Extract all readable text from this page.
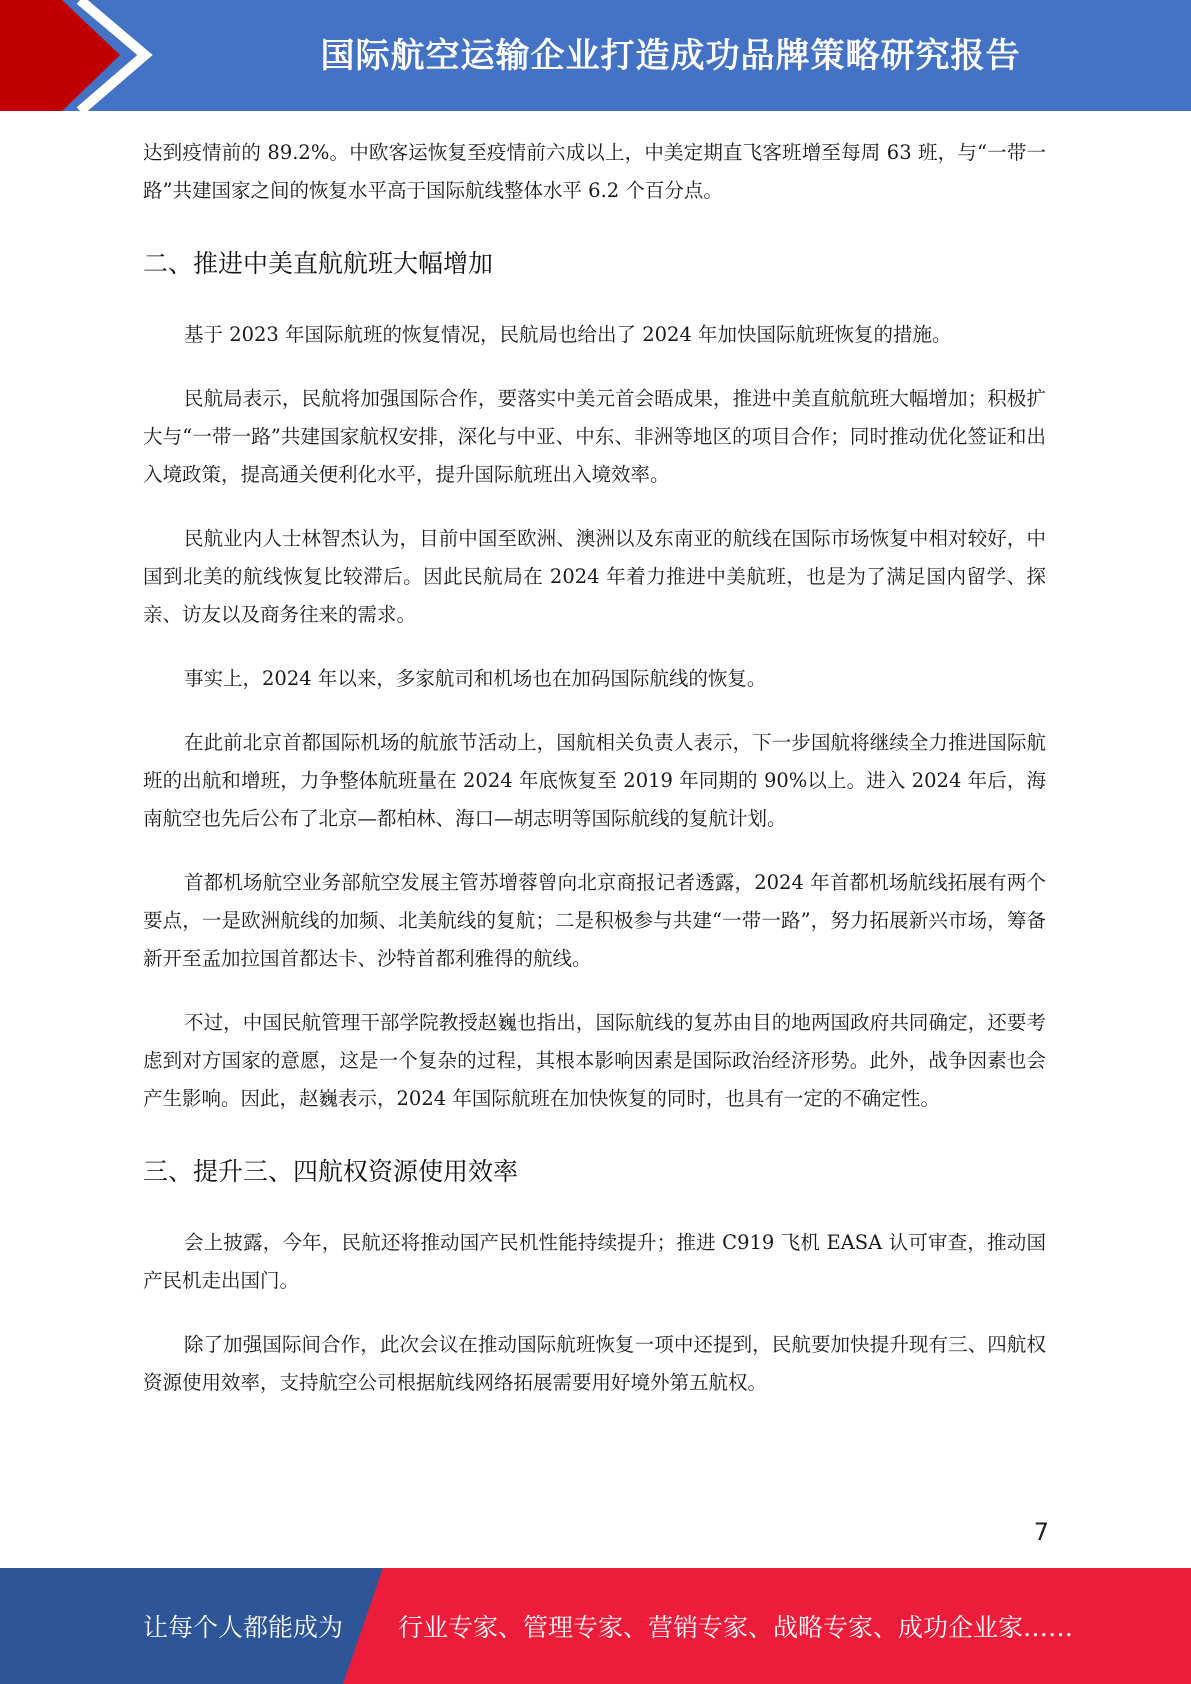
国际航空运输企业打造成功品牌策略研究报告

达到疫情前的 89.2%。中欧客运恢复至疫情前六成以上，中美定期直飞客班增至每周 63 班，与“一带一路”共建国家之间的恢复水平高于国际航线整体水平 6.2 个百分点。

二、推进中美直航航班大幅增加

基于 2023 年国际航班的恢复情况，民航局也给出了 2024 年加快国际航班恢复的措施。

民航局表示，民航将加强国际合作，要落实中美元首会晤成果，推进中美直航航班大幅增加；积极扩大与“一带一路”共建国家航权安排，深化与中亚、中东、非洲等地区的项目合作；同时推动优化签证和出入境政策，提高通关便利化水平，提升国际航班出入境效率。

民航业内人士林智杰认为，目前中国至欧洲、澳洲以及东南亚的航线在国际市场恢复中相对较好，中国到北美的航线恢复比较滞后。因此民航局在 2024 年着力推进中美航班，也是为了满足国内留学、探亲、访友以及商务往来的需求。

事实上，2024 年以来，多家航司和机场也在加码国际航线的恢复。

在此前北京首都国际机场的航旅节活动上，国航相关负责人表示，下一步国航将继续全力推进国际航班的出航和增班，力争整体航班量在 2024 年底恢复至 2019 年同期的 90%以上。进入 2024 年后，海南航空也先后公布了北京—都柏林、海口—胡志明等国际航线的复航计划。

首都机场航空业务部航空发展主管苏增蓉曾向北京商报记者透露，2024 年首都机场航线拓展有两个要点，一是欧洲航线的加频、北美航线的复航；二是积极参与共建“一带一路”，努力拓展新兴市场，筹备新开至孟加拉国首都达卡、沙特首都利雅得的航线。

不过，中国民航管理干部学院教授赵巍也指出，国际航线的复苏由目的地两国政府共同确定，还要考虑到对方国家的意愿，这是一个复杂的过程，其根本影响因素是国际政治经济形势。此外，战争因素也会产生影响。因此，赵巍表示，2024 年国际航班在加快恢复的同时，也具有一定的不确定性。

三、提升三、四航权资源使用效率

会上披露，今年，民航还将推动国产民机性能持续提升；推进 C919 飞机 EASA 认可审查，推动国产民机走出国门。

除了加强国际间合作，此次会议在推动国际航班恢复一项中还提到，民航要加快提升现有三、四航权资源使用效率，支持航空公司根据航线网络拓展需要用好境外第五航权。

7
让每个人都能成为 行业专家、管理专家、营销专家、战略专家、成功企业家……
